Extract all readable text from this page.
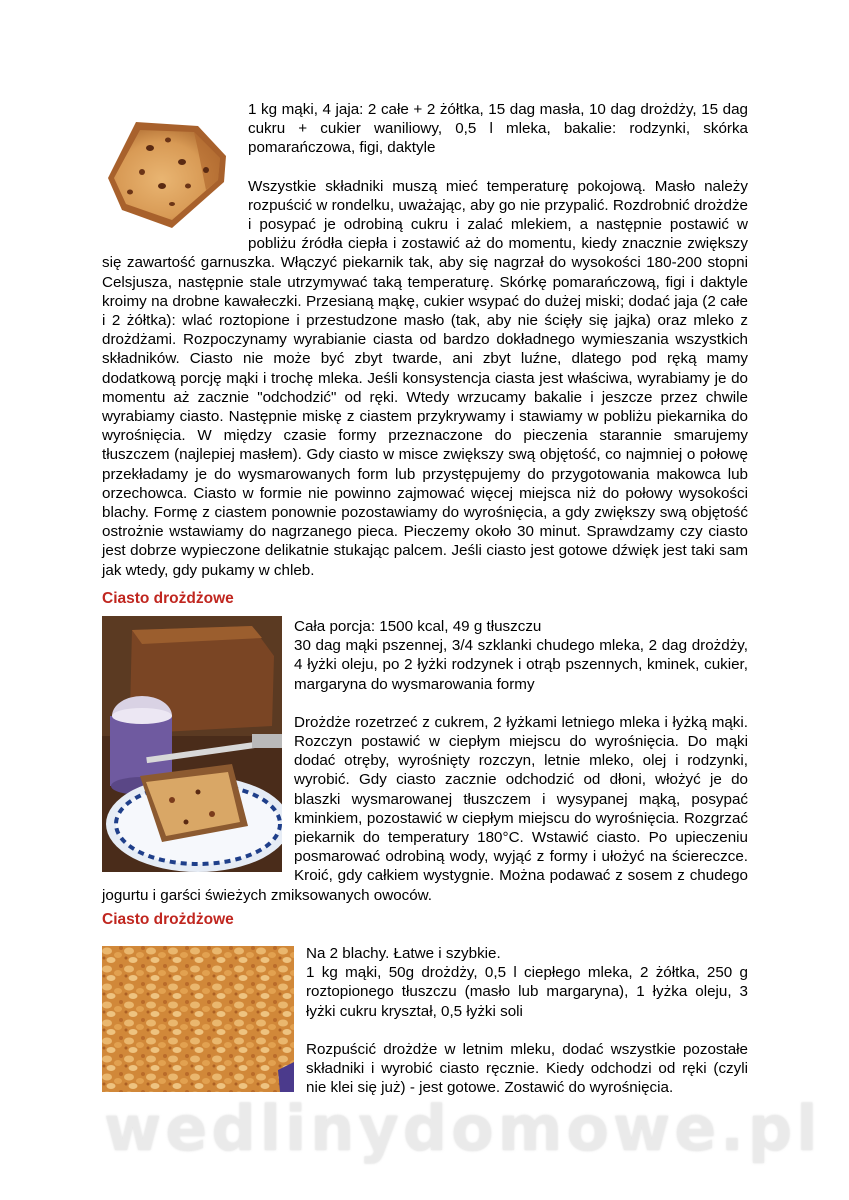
1 kg mąki, 4 jaja: 2 całe + 2 żółtka, 15 dag masła, 10 dag drożdży, 15 dag cukru + cukier waniliowy, 0,5 l mleka, bakalie: rodzynki, skórka pomarańczowa, figi, daktyle

Wszystkie składniki muszą mieć temperaturę pokojową. Masło należy rozpuścić w rondelku, uważając, aby go nie przypalić. Rozdrobnić drożdże i posypać je odrobiną cukru i zalać mlekiem, a następnie postawić w pobliżu źródła ciepła i zostawić aż do momentu, kiedy znacznie zwiększy się zawartość garnuszka. Włączyć piekarnik tak, aby się nagrzał do wysokości 180-200 stopni Celsjusza, następnie stale utrzymywać taką temperaturę. Skórkę pomarańczową, figi i daktyle kroimy na drobne kawałeczki. Przesianą mąkę, cukier wsypać do dużej miski; dodać jaja (2 całe i 2 żółtka): wlać roztopione i przestudzone masło (tak, aby nie ścięły się jajka) oraz mleko z drożdżami. Rozpoczynamy wyrabianie ciasta od bardzo dokładnego wymieszania wszystkich składników. Ciasto nie może być zbyt twarde, ani zbyt luźne, dlatego pod ręką mamy dodatkową porcję mąki i trochę mleka. Jeśli konsystencja ciasta jest właściwa, wyrabiamy je do momentu aż zacznie "odchodzić" od ręki. Wtedy wrzucamy bakalie i jeszcze przez chwile wyrabiamy ciasto. Następnie miskę z ciastem przykrywamy i stawiamy w pobliżu piekarnika do wyrośnięcia. W między czasie formy przeznaczone do pieczenia starannie smarujemy tłuszczem (najlepiej masłem). Gdy ciasto w misce zwiększy swą objętość, co najmniej o połowę przekładamy je do wysmarowanych form lub przystępujemy do przygotowania makowca lub orzechowca. Ciasto w formie nie powinno zajmować więcej miejsca niż do połowy wysokości blachy. Formę z ciastem ponownie pozostawiamy do wyrośnięcia, a gdy zwiększy swą objętość ostrożnie wstawiamy do nagrzanego pieca. Pieczemy około 30 minut. Sprawdzamy czy ciasto jest dobrze wypieczone delikatnie stukając palcem. Jeśli ciasto jest gotowe dźwięk jest taki sam jak wtedy, gdy pukamy w chleb.

Ciasto drożdżowe

Cała porcja: 1500 kcal, 49 g tłuszczu

30 dag mąki pszennej, 3/4 szklanki chudego mleka, 2 dag drożdży, 4 łyżki oleju, po 2 łyżki rodzynek i otrąb pszennych, kminek, cukier, margaryna do wysmarowania formy

Drożdże rozetrzeć z cukrem, 2 łyżkami letniego mleka i łyżką mąki. Rozczyn postawić w ciepłym miejscu do wyrośnięcia. Do mąki dodać otręby, wyrośnięty rozczyn, letnie mleko, olej i rodzynki, wyrobić. Gdy ciasto zacznie odchodzić od dłoni, włożyć je do blaszki wysmarowanej tłuszczem i wysypanej mąką, posypać kminkiem, pozostawić w ciepłym miejscu do wyrośnięcia. Rozgrzać piekarnik do temperatury 180°C. Wstawić ciasto. Po upieczeniu posmarować odrobiną wody, wyjąć z formy i ułożyć na ściereczce. Kroić, gdy całkiem wystygnie. Można podawać z sosem z chudego jogurtu i garści świeżych zmiksowanych owoców.

Ciasto drożdżowe

Na 2 blachy. Łatwe i szybkie.

1 kg mąki, 50g drożdży, 0,5 l ciepłego mleka, 2 żółtka, 250 g roztopionego tłuszczu (masło lub margaryna), 1 łyżka oleju, 3 łyżki cukru kryształ, 0,5 łyżki soli

Rozpuścić drożdże w letnim mleku, dodać wszystkie pozostałe składniki i wyrobić ciasto ręcznie. Kiedy odchodzi od ręki (czyli nie klei się już) - jest gotowe. Zostawić do wyrośnięcia.

wedlinydomowe.pl
